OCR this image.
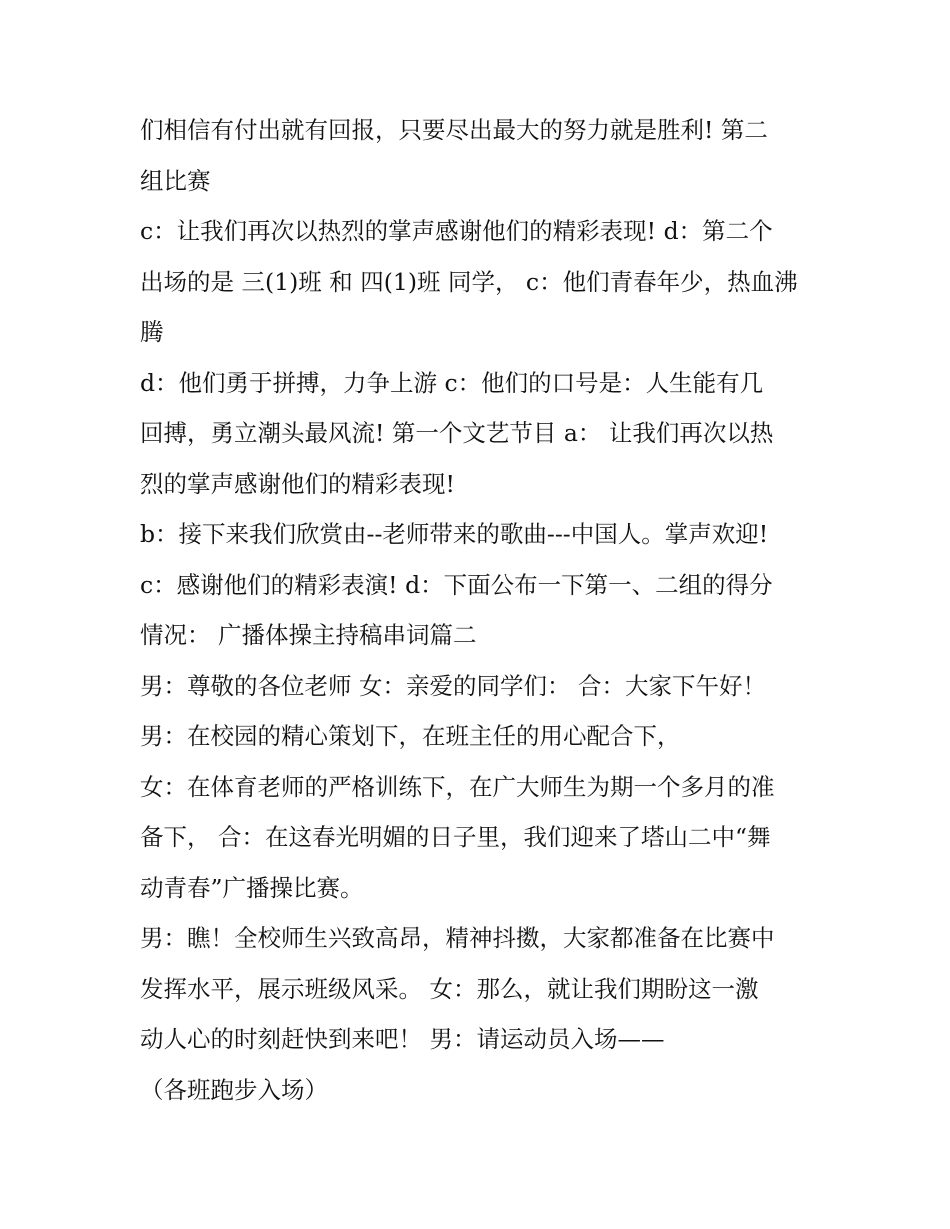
们相信有付出就有回报，只要尽出最大的努力就是胜利! 第二
组比赛
c：让我们再次以热烈的掌声感谢他们的精彩表现! d：第二个
出场的是 三(1)班 和 四(1)班 同学， c：他们青春年少，热血沸
腾
d：他们勇于拼搏，力争上游 c：他们的口号是：人生能有几
回搏，勇立潮头最风流! 第一个文艺节目 a： 让我们再次以热
烈的掌声感谢他们的精彩表现!
b：接下来我们欣赏由--老师带来的歌曲---中国人。掌声欢迎!
c：感谢他们的精彩表演! d：下面公布一下第一、二组的得分
情况： 广播体操主持稿串词篇二
男：尊敬的各位老师 女：亲爱的同学们： 合：大家下午好！
男：在校园的精心策划下，在班主任的用心配合下，
女：在体育老师的严格训练下，在广大师生为期一个多月的准
备下， 合：在这春光明媚的日子里，我们迎来了塔山二中“舞
动青春”广播操比赛。
男：瞧！全校师生兴致高昂，精神抖擞，大家都准备在比赛中
发挥水平，展示班级风采。 女：那么，就让我们期盼这一激
动人心的时刻赶快到来吧！ 男：请运动员入场——
（各班跑步入场）
